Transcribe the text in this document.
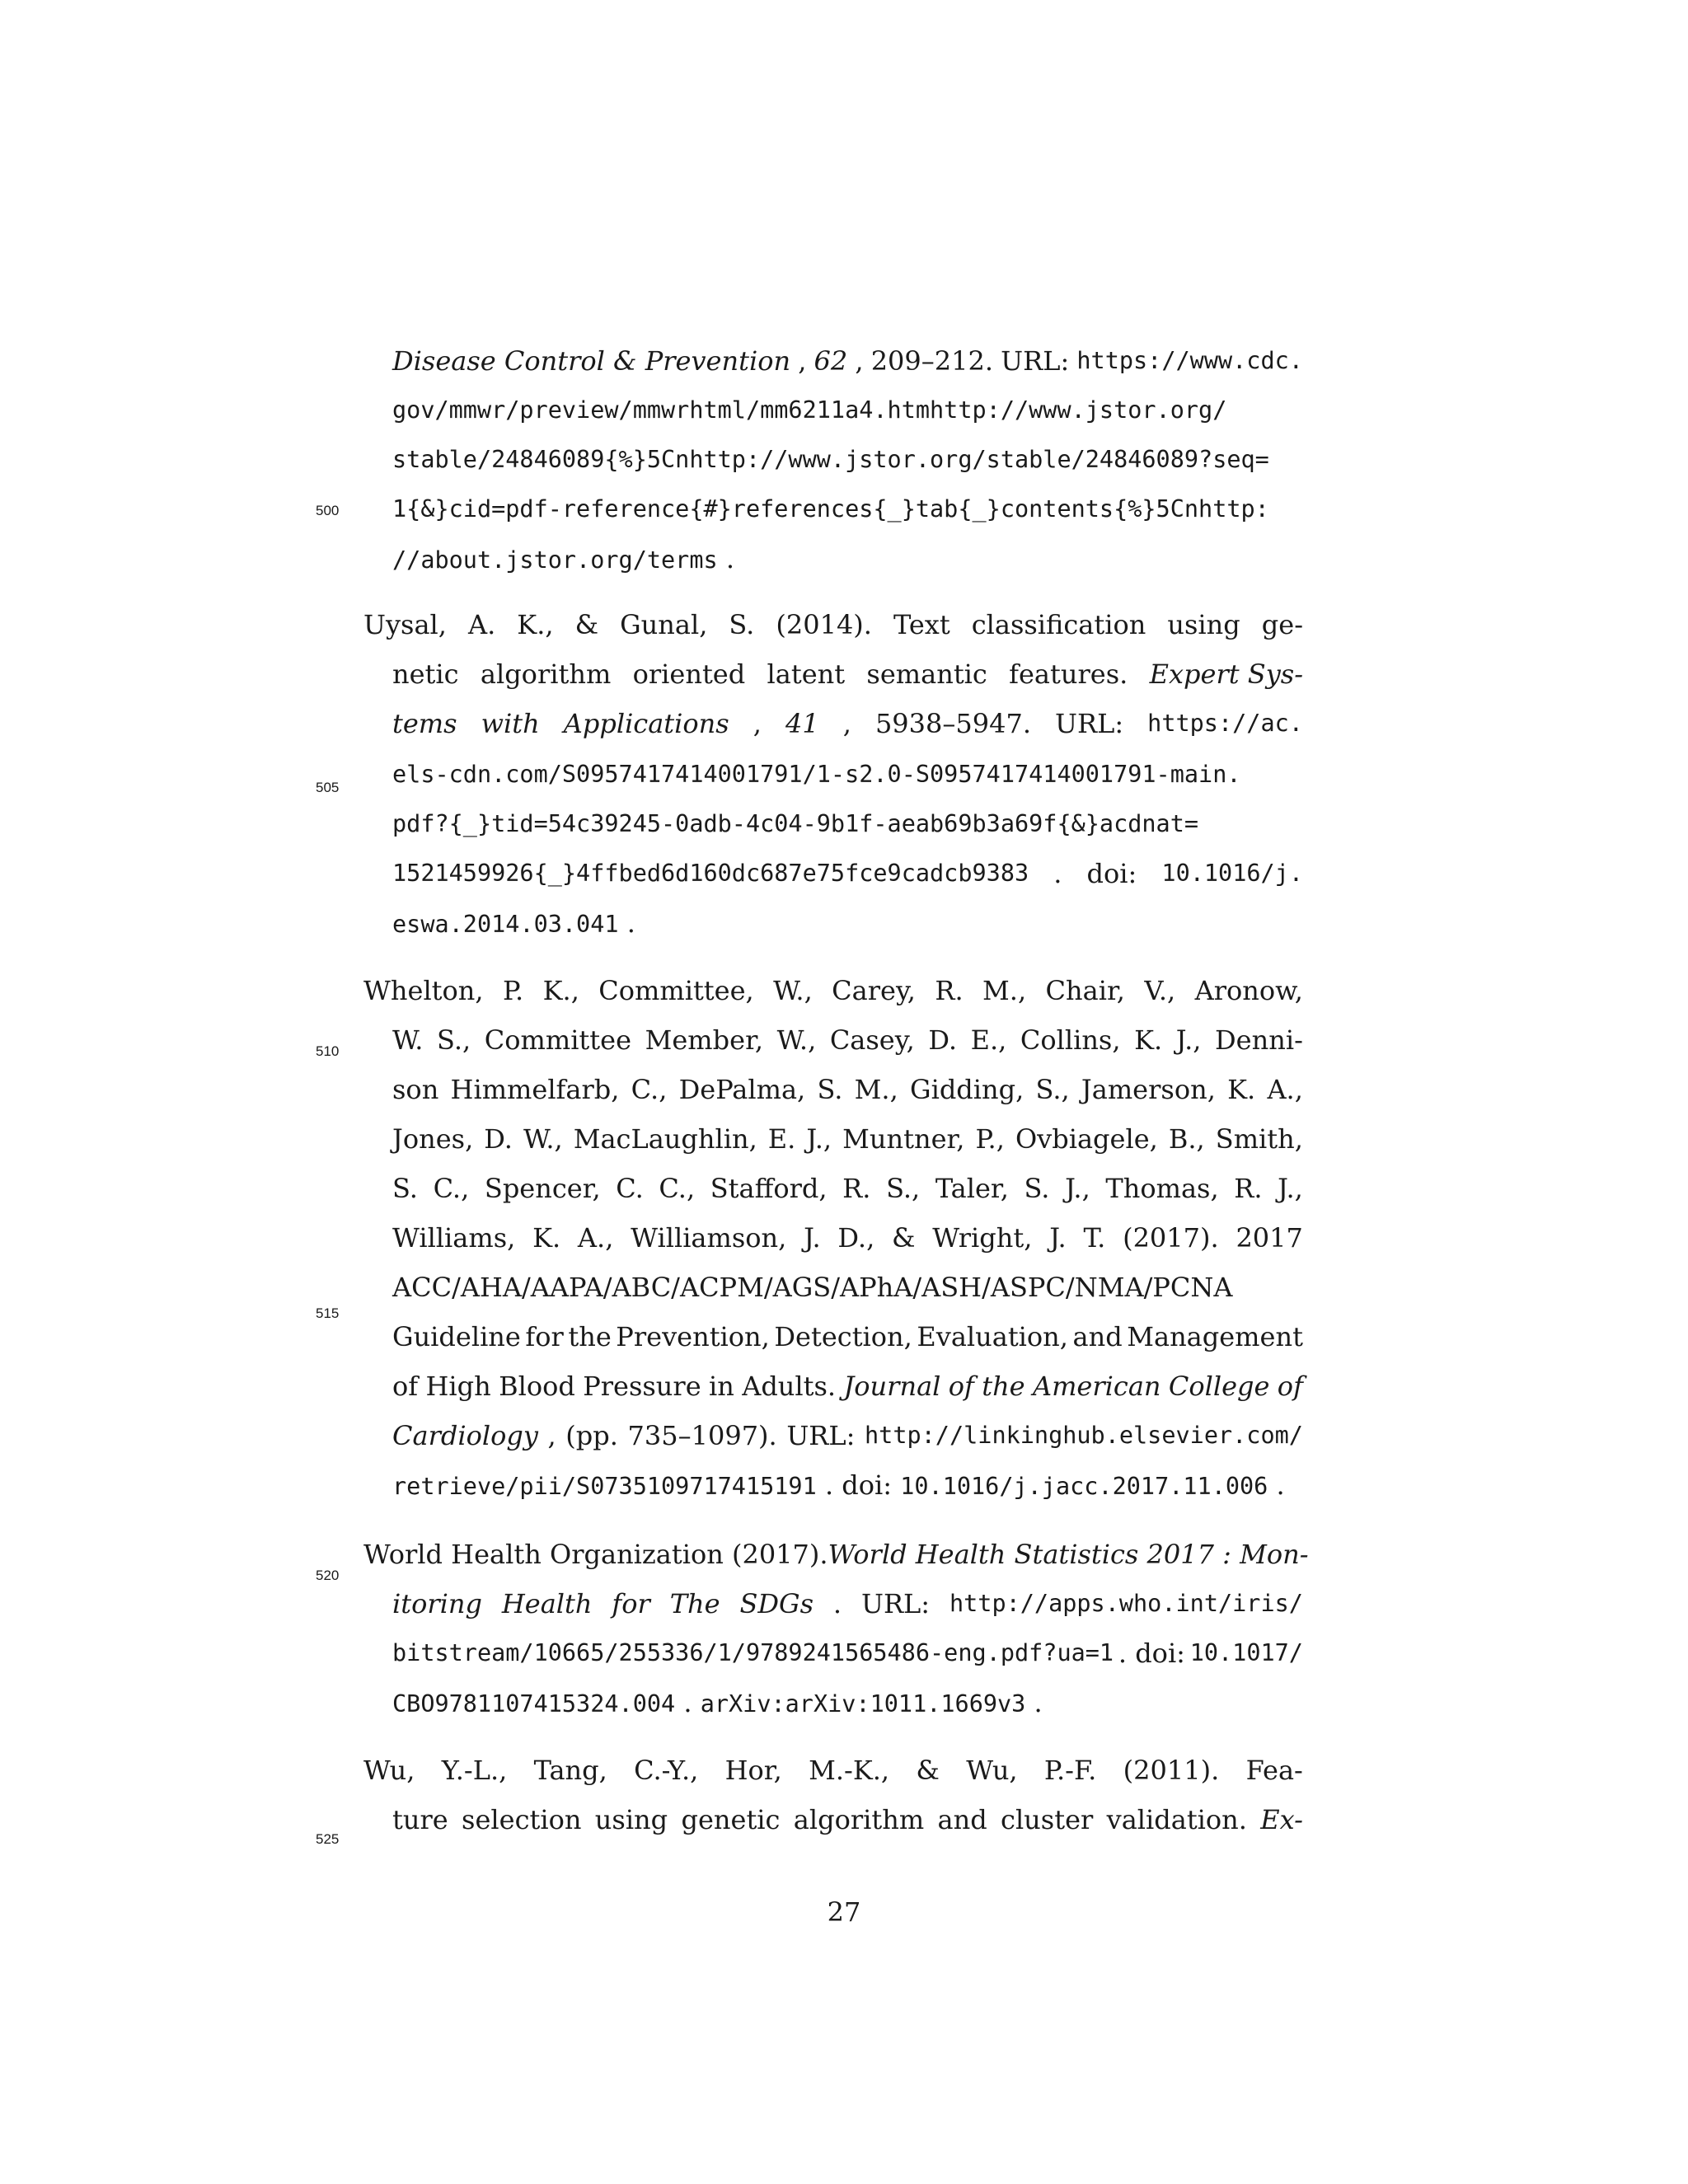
Disease Control & Prevention , 62 , 209–212. URL: https://www.cdc.
gov/mmwr/preview/mmwrhtml/mm6211a4.htmhttp://www.jstor.org/
stable/24846089{%}5Cnhttp://www.jstor.org/stable/24846089?seq=
1{&}cid=pdf-reference{#}references{_}tab{_}contents{%}5Cnhttp:
//about.jstor.org/terms .
Uysal, A. K., & Gunal, S. (2014). Text classification using ge-
netic algorithm oriented latent semantic features. Expert Sys-
tems with Applications , 41 , 5938–5947. URL: https://ac.
els-cdn.com/S0957417414001791/1-s2.0-S0957417414001791-main.
pdf?{_}tid=54c39245-0adb-4c04-9b1f-aeab69b3a69f{&}acdnat=
1521459926{_}4ffbed6d160dc687e75fce9cadcb9383 . doi: 10.1016/j.
eswa.2014.03.041 .
Whelton, P. K., Committee, W., Carey, R. M., Chair, V., Aronow,
W. S., Committee Member, W., Casey, D. E., Collins, K. J., Denni-
son Himmelfarb, C., DePalma, S. M., Gidding, S., Jamerson, K. A.,
Jones, D. W., MacLaughlin, E. J., Muntner, P., Ovbiagele, B., Smith,
S. C., Spencer, C. C., Stafford, R. S., Taler, S. J., Thomas, R. J.,
Williams, K. A., Williamson, J. D., & Wright, J. T. (2017). 2017
ACC/AHA/AAPA/ABC/ACPM/AGS/APhA/ASH/ASPC/NMA/PCNA
Guideline for the Prevention, Detection, Evaluation, and Management
of High Blood Pressure in Adults. Journal of the American College of
Cardiology , (pp. 735–1097). URL: http://linkinghub.elsevier.com/
retrieve/pii/S0735109717415191 . doi: 10.1016/j.jacc.2017.11.006 .
World Health Organization (2017). World Health Statistics 2017 : Mon-
itoring Health for The SDGs . URL: http://apps.who.int/iris/
bitstream/10665/255336/1/9789241565486-eng.pdf?ua=1 . doi: 10.1017/
CBO9781107415324.004 . arXiv:arXiv:1011.1669v3 .
Wu, Y.-L., Tang, C.-Y., Hor, M.-K., & Wu, P.-F. (2011). Fea-
ture selection using genetic algorithm and cluster validation. Ex-
500
505
510
515
520
525
27
